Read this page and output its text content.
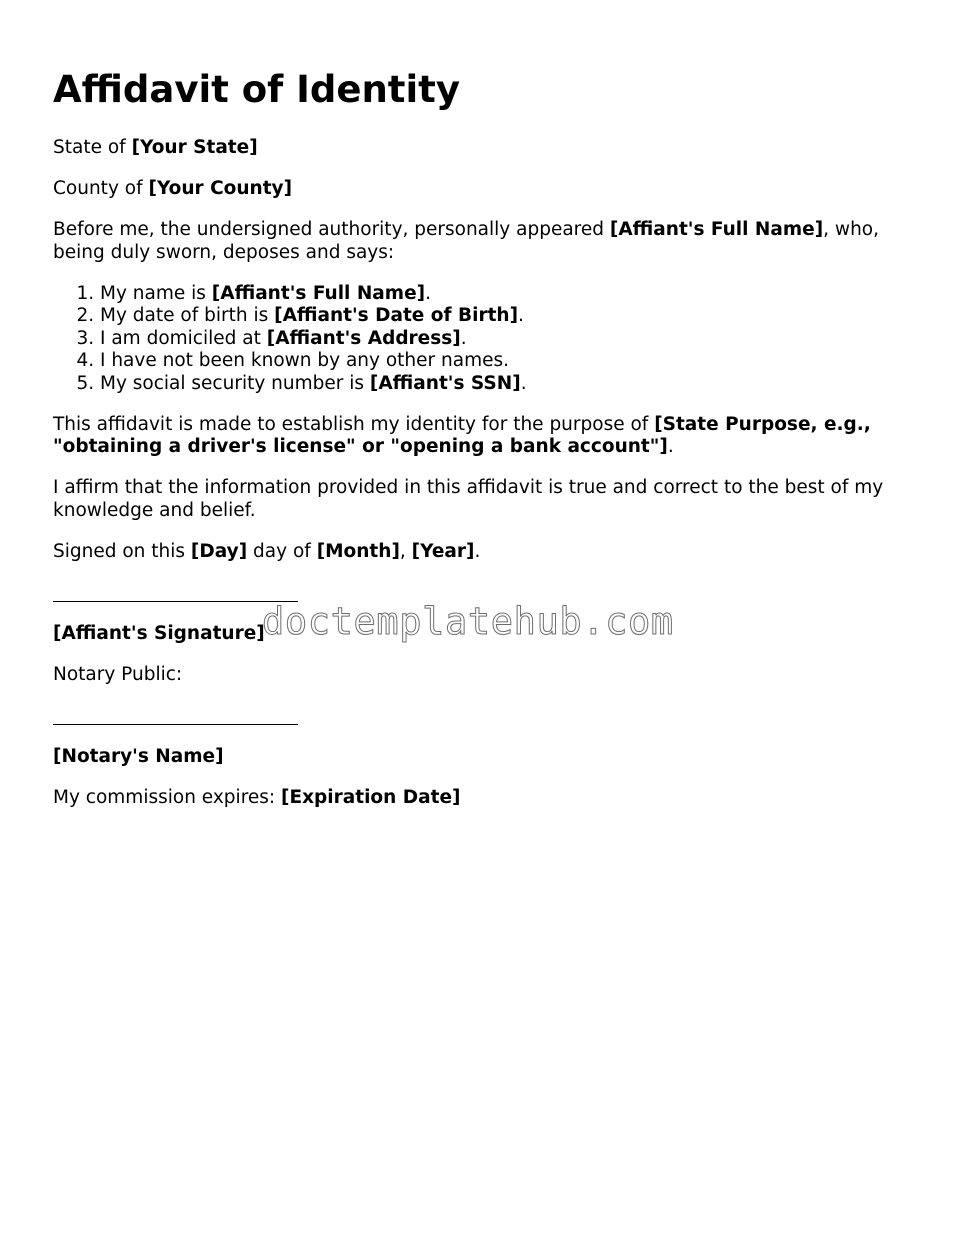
Affidavit of Identity

State of [Your State]

County of [Your County]

Before me, the undersigned authority, personally appeared [Affiant's Full Name], who, being duly sworn, deposes and says:

1. My name is [Affiant's Full Name].
2. My date of birth is [Affiant's Date of Birth].
3. I am domiciled at [Affiant's Address].
4. I have not been known by any other names.
5. My social security number is [Affiant's SSN].

This affidavit is made to establish my identity for the purpose of [State Purpose, e.g., "obtaining a driver's license" or "opening a bank account"].

I affirm that the information provided in this affidavit is true and correct to the best of my knowledge and belief.

Signed on this [Day] day of [Month], [Year].

[Affiant's Signature]

Notary Public:

[Notary's Name]

My commission expires: [Expiration Date]

doctemplatehub.com
